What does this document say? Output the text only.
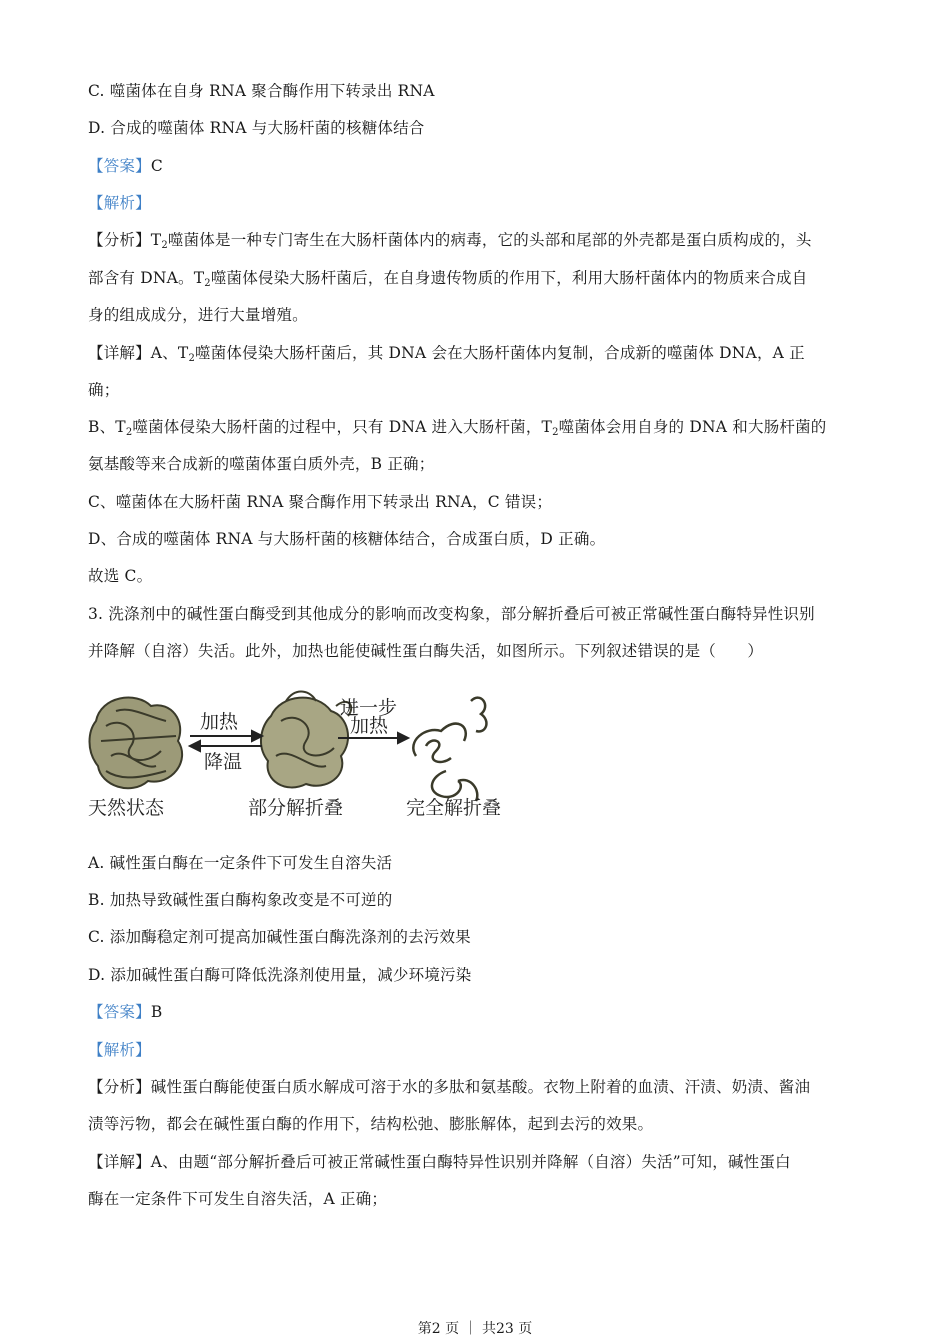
C. 噬菌体在自身 RNA 聚合酶作用下转录出 RNA
D. 合成的噬菌体 RNA 与大肠杆菌的核糖体结合
【答案】C
【解析】
【分析】$T_2$噬菌体是一种专门寄生在大肠杆菌体内的病毒，它的头部和尾部的外壳都是蛋白质构成的，头
部含有 DNA。$T_2$噬菌体侵染大肠杆菌后，在自身遗传物质的作用下，利用大肠杆菌体内的物质来合成自
身的组成成分，进行大量增殖。
【详解】A、$T_2$噬菌体侵染大肠杆菌后，其 DNA 会在大肠杆菌体内复制，合成新的噬菌体 DNA，A 正
确；
B、$T_2$噬菌体侵染大肠杆菌的过程中，只有 DNA 进入大肠杆菌，$T_2$噬菌体会用自身的 DNA 和大肠杆菌的
氨基酸等来合成新的噬菌体蛋白质外壳，B 正确；
C、噬菌体在大肠杆菌 RNA 聚合酶作用下转录出 RNA，C 错误；
D、合成的噬菌体 RNA 与大肠杆菌的核糖体结合，合成蛋白质，D 正确。
故选 C。
3. 洗涤剂中的碱性蛋白酶受到其他成分的影响而改变构象，部分解折叠后可被正常碱性蛋白酶特异性识别
并降解（自溶）失活。此外，加热也能使碱性蛋白酶失活，如图所示。下列叙述错误的是（　　）
加热
降温
进一步
加热
天然状态	部分解折叠	完全解折叠
A. 碱性蛋白酶在一定条件下可发生自溶失活
B. 加热导致碱性蛋白酶构象改变是不可逆的
C. 添加酶稳定剂可提高加碱性蛋白酶洗涤剂的去污效果
D. 添加碱性蛋白酶可降低洗涤剂使用量，减少环境污染
【答案】B
【解析】
【分析】碱性蛋白酶能使蛋白质水解成可溶于水的多肽和氨基酸。衣物上附着的血渍、汗渍、奶渍、酱油
渍等污物，都会在碱性蛋白酶的作用下，结构松弛、膨胀解体，起到去污的效果。
【详解】A、由题“部分解折叠后可被正常碱性蛋白酶特异性识别并降解（自溶）失活”可知，碱性蛋白
酶在一定条件下可发生自溶失活，A 正确；
第2 页 ｜ 共23 页
